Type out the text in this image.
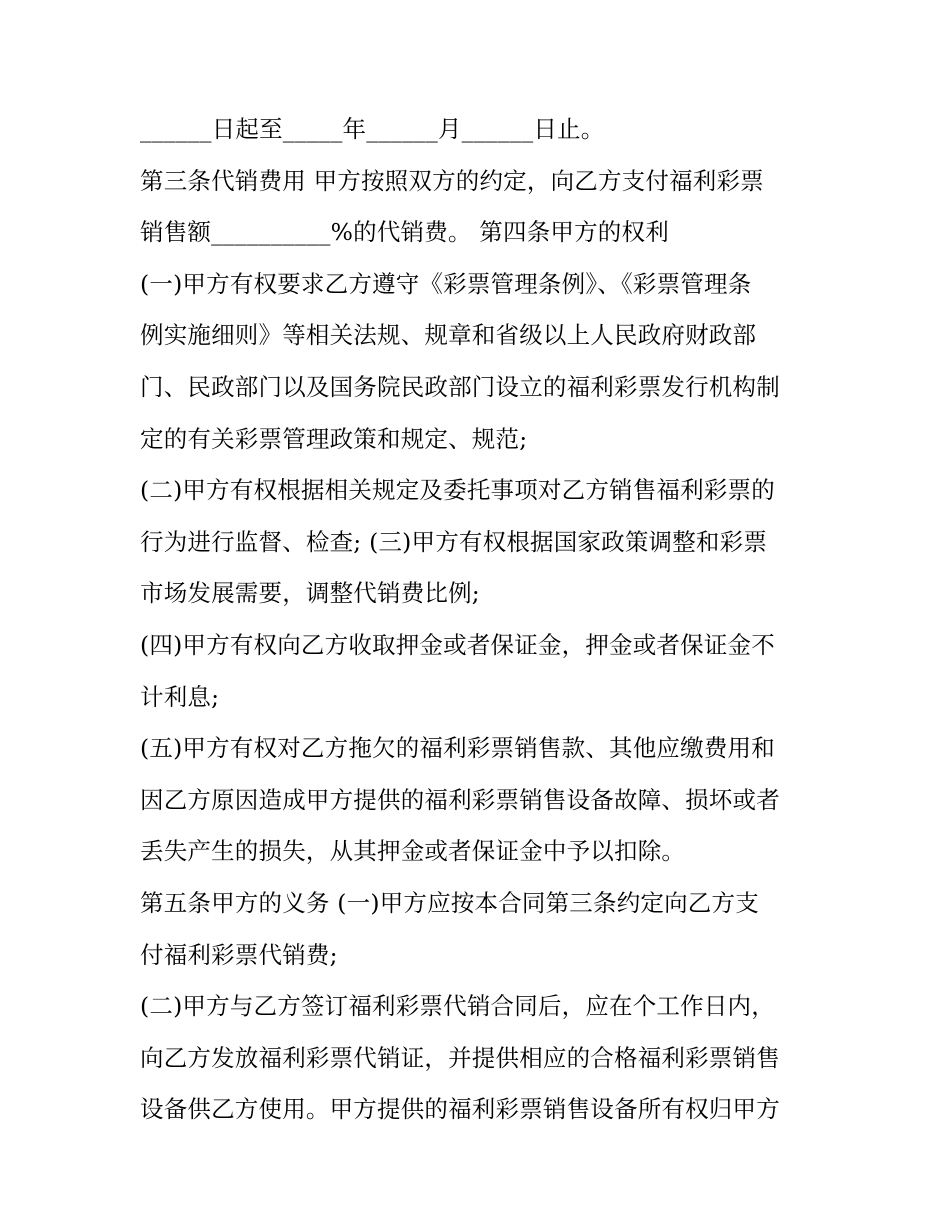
______日起至_____年______月______日止。
第三条代销费用 甲方按照双方的约定，向乙方支付福利彩票
销售额__________%的代销费。 第四条甲方的权利
(一)甲方有权要求乙方遵守《彩票管理条例》、《彩票管理条
例实施细则》等相关法规、规章和省级以上人民政府财政部
门、民政部门以及国务院民政部门设立的福利彩票发行机构制
定的有关彩票管理政策和规定、规范;
(二)甲方有权根据相关规定及委托事项对乙方销售福利彩票的
行为进行监督、检查; (三)甲方有权根据国家政策调整和彩票
市场发展需要，调整代销费比例;
(四)甲方有权向乙方收取押金或者保证金，押金或者保证金不
计利息;
(五)甲方有权对乙方拖欠的福利彩票销售款、其他应缴费用和
因乙方原因造成甲方提供的福利彩票销售设备故障、损坏或者
丢失产生的损失，从其押金或者保证金中予以扣除。
第五条甲方的义务 (一)甲方应按本合同第三条约定向乙方支
付福利彩票代销费;
(二)甲方与乙方签订福利彩票代销合同后，应在个工作日内，
向乙方发放福利彩票代销证，并提供相应的合格福利彩票销售
设备供乙方使用。甲方提供的福利彩票销售设备所有权归甲方
